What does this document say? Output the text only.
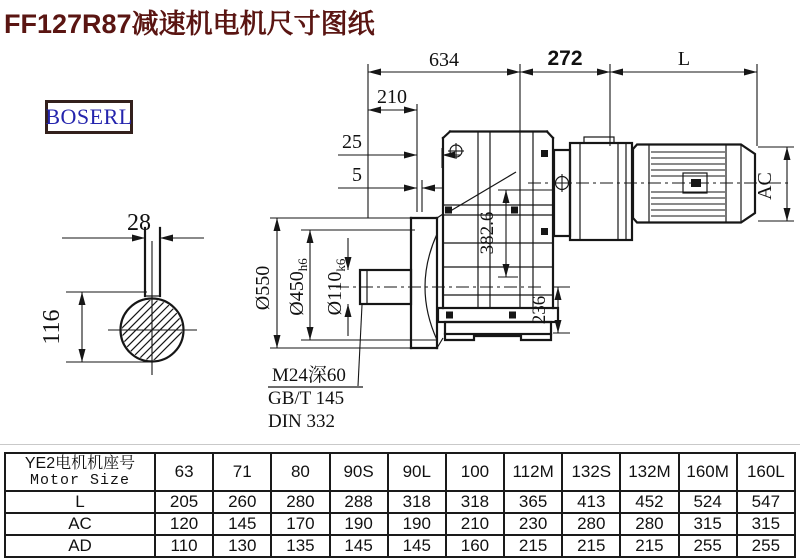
FF127R87减速机电机尺寸图纸
BOSERL
28
116
634	272	L
210
25
5
Ø550 $Ø450_{h6}$
$Ø110_{k6}$
382.6
236
AC
M24深60
GB/T 145
DIN 332
YE2电机机座号
Motor Size	63	71	80	90S	90L	100	112M	132S	132M	160M	160L
L	205	260	280	288	318	318	365	413	452	524	547
AC	120	145	170	190	190	210	230	280	280	315	315
AD	110	130	135	145	145	160	215	215	215	255	255
